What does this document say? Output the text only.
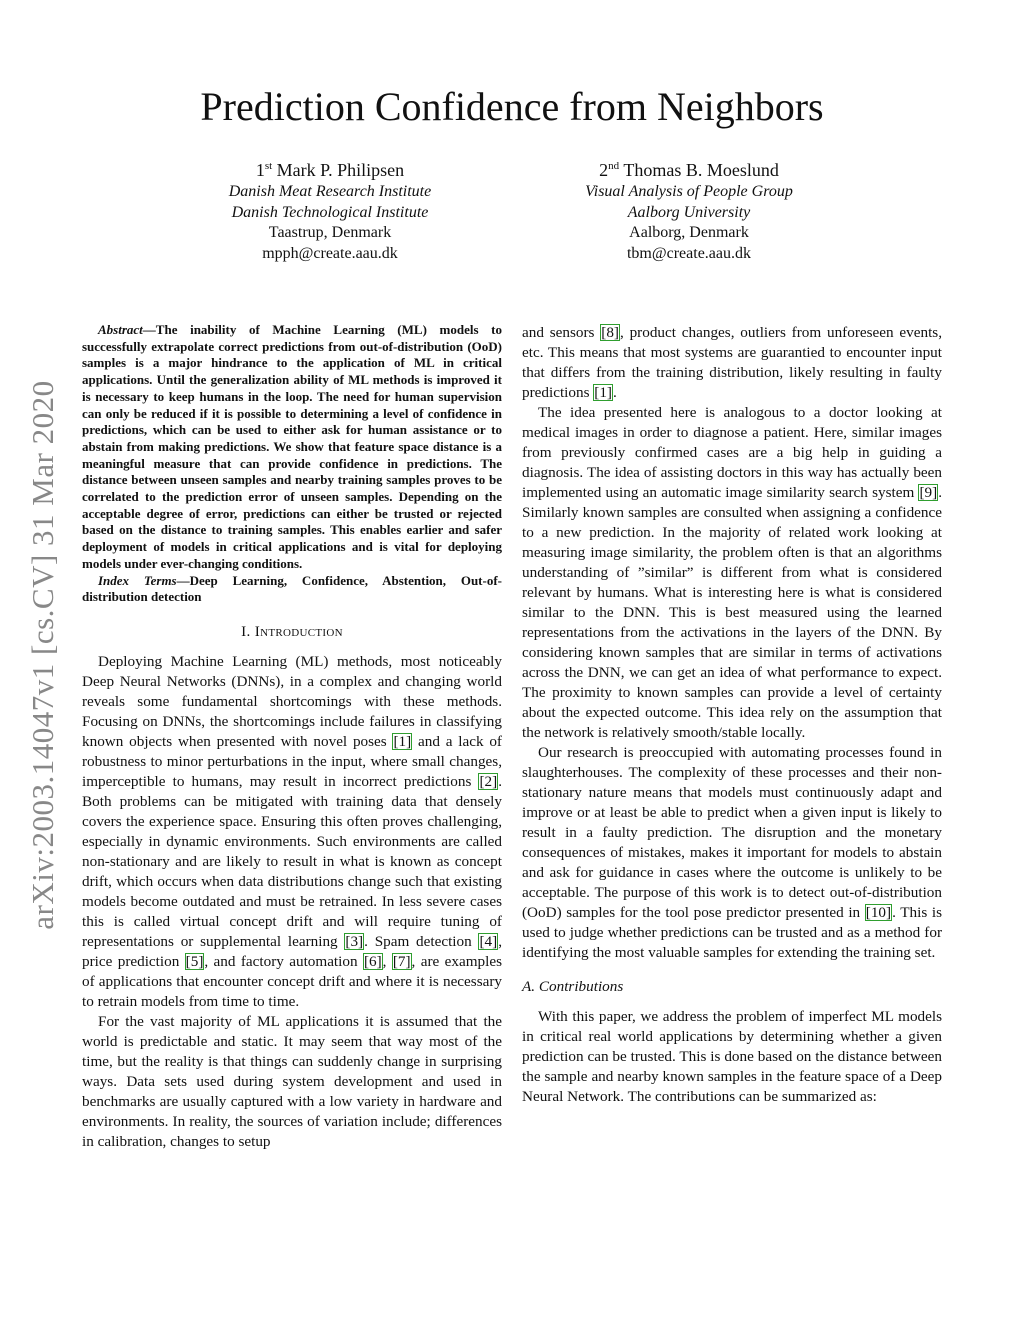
arXiv:2003.14047v1 [cs.CV] 31 Mar 2020
Prediction Confidence from Neighbors
1st Mark P. Philipsen
Danish Meat Research Institute
Danish Technological Institute
Taastrup, Denmark
mpph@create.aau.dk
2nd Thomas B. Moeslund
Visual Analysis of People Group
Aalborg University
Aalborg, Denmark
tbm@create.aau.dk

Abstract—The inability of Machine Learning (ML) models to successfully extrapolate correct predictions from out-of-distribution (OoD) samples is a major hindrance to the application of ML in critical applications. Until the generalization ability of ML methods is improved it is necessary to keep humans in the loop. The need for human supervision can only be reduced if it is possible to determining a level of confidence in predictions, which can be used to either ask for human assistance or to abstain from making predictions. We show that feature space distance is a meaningful measure that can provide confidence in predictions. The distance between unseen samples and nearby training samples proves to be correlated to the prediction error of unseen samples. Depending on the acceptable degree of error, predictions can either be trusted or rejected based on the distance to training samples. This enables earlier and safer deployment of models in critical applications and is vital for deploying models under ever-changing conditions.

Index Terms—Deep Learning, Confidence, Abstention, Out-of-distribution detection

I. Introduction

Deploying Machine Learning (ML) methods, most noticeably Deep Neural Networks (DNNs), in a complex and changing world reveals some fundamental shortcomings with these methods. Focusing on DNNs, the shortcomings include failures in classifying known objects when presented with novel poses [1] and a lack of robustness to minor perturbations in the input, where small changes, imperceptible to humans, may result in incorrect predictions [2]. Both problems can be mitigated with training data that densely covers the experience space. Ensuring this often proves challenging, especially in dynamic environments. Such environments are called non-stationary and are likely to result in what is known as concept drift, which occurs when data distributions change such that existing models become outdated and must be retrained. In less severe cases this is called virtual concept drift and will require tuning of representations or supplemental learning [3]. Spam detection [4], price prediction [5], and factory automation [6], [7], are examples of applications that encounter concept drift and where it is necessary to retrain models from time to time.

For the vast majority of ML applications it is assumed that the world is predictable and static. It may seem that way most of the time, but the reality is that things can suddenly change in surprising ways. Data sets used during system development and used in benchmarks are usually captured with a low variety in hardware and environments. In reality, the sources of variation include; differences in calibration, changes to setup

and sensors [8], product changes, outliers from unforeseen events, etc. This means that most systems are guarantied to encounter input that differs from the training distribution, likely resulting in faulty predictions [1].

The idea presented here is analogous to a doctor looking at medical images in order to diagnose a patient. Here, similar images from previously confirmed cases are a big help in guiding a diagnosis. The idea of assisting doctors in this way has actually been implemented using an automatic image similarity search system [9]. Similarly known samples are consulted when assigning a confidence to a new prediction. In the majority of related work looking at measuring image similarity, the problem often is that an algorithms understanding of ”similar” is different from what is considered relevant by humans. What is interesting here is what is considered similar to the DNN. This is best measured using the learned representations from the activations in the layers of the DNN. By considering known samples that are similar in terms of activations across the DNN, we can get an idea of what performance to expect. The proximity to known samples can provide a level of certainty about the expected outcome. This idea rely on the assumption that the network is relatively smooth/stable locally.

Our research is preoccupied with automating processes found in slaughterhouses. The complexity of these processes and their non-stationary nature means that models must continuously adapt and improve or at least be able to predict when a given input is likely to result in a faulty prediction. The disruption and the monetary consequences of mistakes, makes it important for models to abstain and ask for guidance in cases where the outcome is unlikely to be acceptable. The purpose of this work is to detect out-of-distribution (OoD) samples for the tool pose predictor presented in [10]. This is used to judge whether predictions can be trusted and as a method for identifying the most valuable samples for extending the training set.

A. Contributions

With this paper, we address the problem of imperfect ML models in critical real world applications by determining whether a given prediction can be trusted. This is done based on the distance between the sample and nearby known samples in the feature space of a Deep Neural Network. The contributions can be summarized as:
